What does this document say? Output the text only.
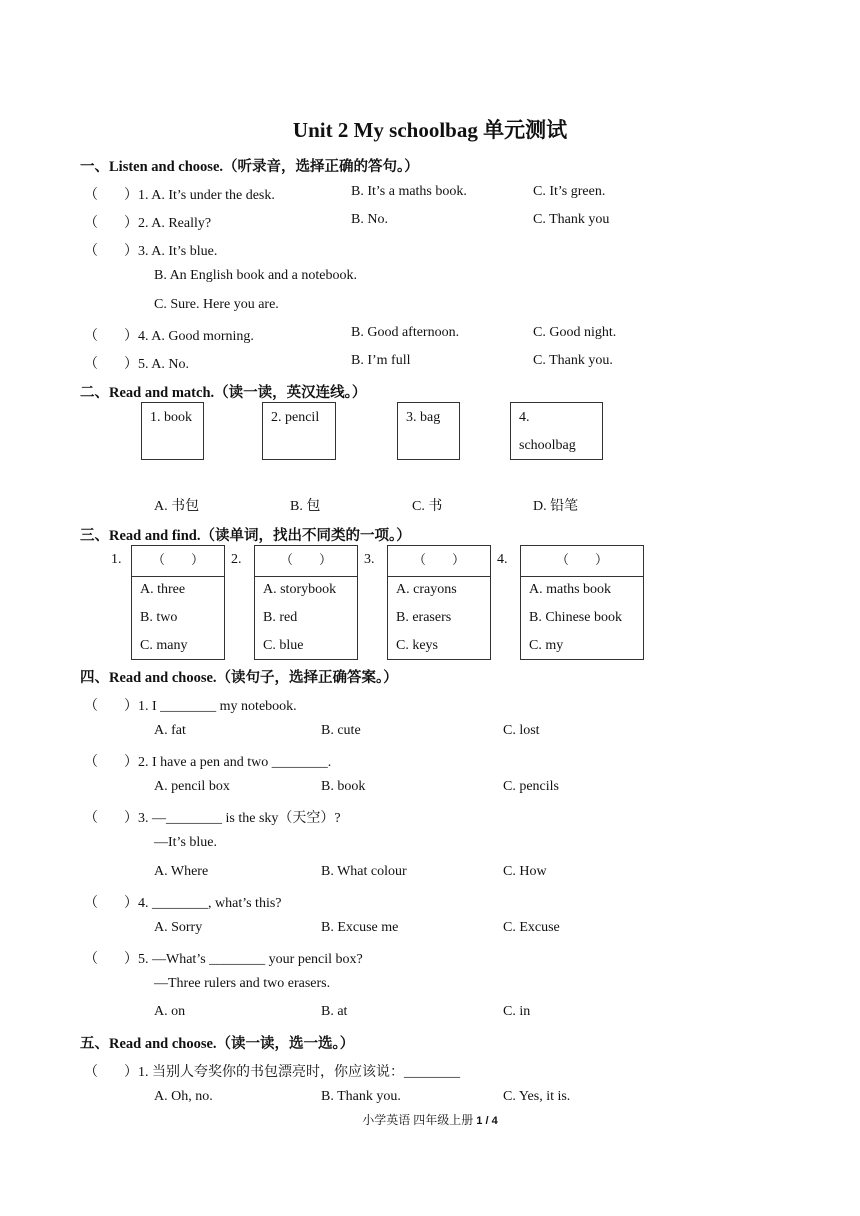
Unit 2 My schoolbag 单元测试
一、Listen and choose.（听录音，选择正确的答句。）
（ ）1. A. It’s under the desk.	B. It’s a maths book.	C. It’s green.
（ ）2. A. Really?	B. No.	C. Thank you
（ ）3. A. It’s blue.
B. An English book and a notebook.
C. Sure. Here you are.
（ ）4. A. Good morning.	B. Good afternoon.	C. Good night.
（ ）5. A. No.	B. I’m full	C. Thank you.
二、Read and match.（读一读，英汉连线。）
1. book	2. pencil	3. bag	4.
schoolbag
A. 书包	B. 包	C. 书	D. 铅笔
三、Read and find.（读单词，找出不同类的一项。）
1.	（　　）
A. three
B. two
C. many
2.	（　　）
A. storybook
B. red
C. blue
3.	（　　）
A. crayons
B. erasers
C. keys
4.	（　　）
A. maths book
B. Chinese book
C. my
四、Read and choose.（读句子，选择正确答案。）
（ ）1. I ________ my notebook.
A. fat	B. cute	C. lost
（ ）2. I have a pen and two ________.
A. pencil box	B. book	C. pencils
（ ）3. —________ is the sky（天空）?
—It’s blue.
A. Where	B. What colour	C. How
（ ）4. ________, what’s this?
A. Sorry	B. Excuse me	C. Excuse
（ ）5. —What’s ________ your pencil box?
—Three rulers and two erasers.
A. on	B. at	C. in
五、Read and choose.（读一读，选一选。）
（ ）1. 当别人夸奖你的书包漂亮时，你应该说：________
A. Oh, no.	B. Thank you.	C. Yes, it is.
小学英语 四年级上册 1 / 4
